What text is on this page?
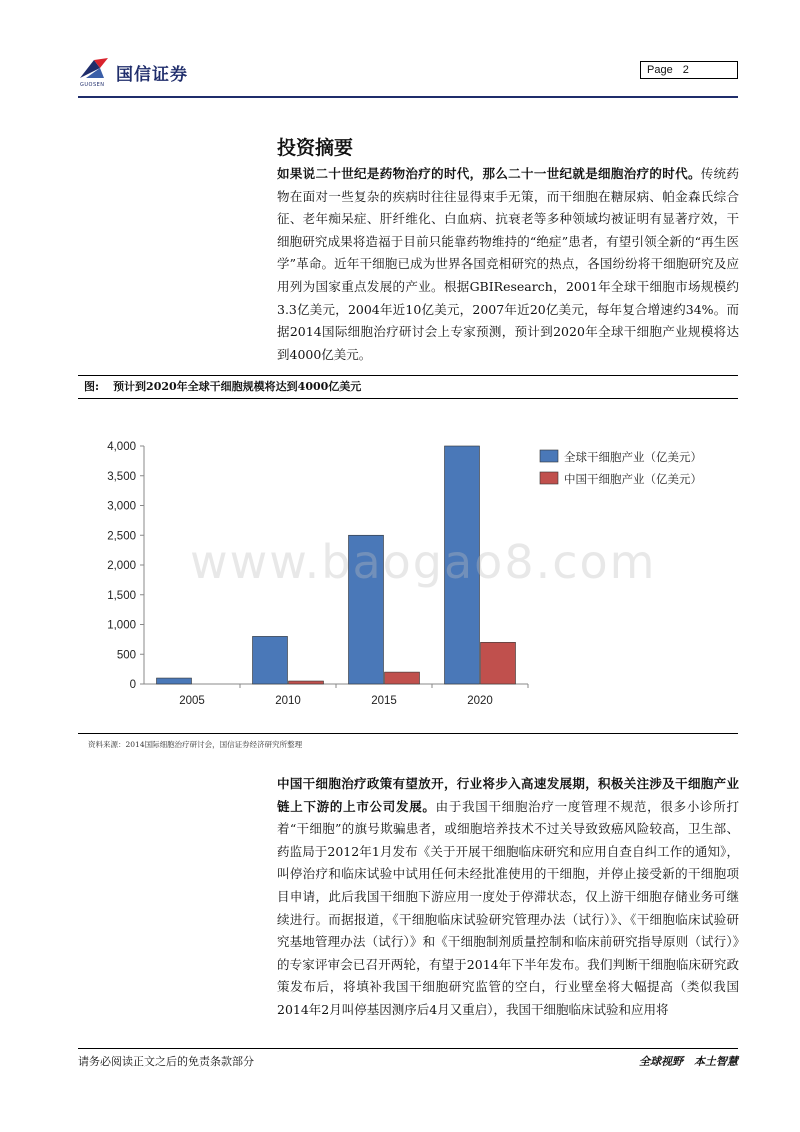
国信证券
GUOSEN
Page 2
投资摘要
如果说二十世纪是药物治疗的时代，那么二十一世纪就是细胞治疗的时代。传统药物在面对一些复杂的疾病时往往显得束手无策，而干细胞在糖尿病、帕金森氏综合征、老年痴呆症、肝纤维化、白血病、抗衰老等多种领域均被证明有显著疗效，干细胞研究成果将造福于目前只能靠药物维持的“绝症”患者，有望引领全新的“再生医学”革命。近年干细胞已成为世界各国竞相研究的热点，各国纷纷将干细胞研究及应用列为国家重点发展的产业。根据GBIResearch，2001年全球干细胞市场规模约3.3亿美元，2004年近10亿美元，2007年近20亿美元，每年复合增速约34%。而据2014国际细胞治疗研讨会上专家预测，预计到2020年全球干细胞产业规模将达到4000亿美元。
图: 预计到2020年全球干细胞规模将达到4000亿美元
0
500
1,000
1,500
2,000
2,500
3,000
3,500
4,000
2005	2010	2015	2020
全球干细胞产业（亿美元）
中国干细胞产业（亿美元）
www.baogao8.com
资料来源：2014国际细胞治疗研讨会，国信证券经济研究所整理
中国干细胞治疗政策有望放开，行业将步入高速发展期，积极关注涉及干细胞产业链上下游的上市公司发展。由于我国干细胞治疗一度管理不规范，很多小诊所打着“干细胞”的旗号欺骗患者，或细胞培养技术不过关导致致癌风险较高，卫生部、药监局于2012年1月发布《关于开展干细胞临床研究和应用自查自纠工作的通知》，叫停治疗和临床试验中试用任何未经批准使用的干细胞，并停止接受新的干细胞项目申请，此后我国干细胞下游应用一度处于停滞状态，仅上游干细胞存储业务可继续进行。而据报道，《干细胞临床试验研究管理办法（试行）》、《干细胞临床试验研究基地管理办法（试行）》和《干细胞制剂质量控制和临床前研究指导原则（试行）》的专家评审会已召开两轮，有望于2014年下半年发布。我们判断干细胞临床研究政策发布后，将填补我国干细胞研究监管的空白，行业壁垒将大幅提高（类似我国2014年2月叫停基因测序后4月又重启），我国干细胞临床试验和应用将
请务必阅读正文之后的免责条款部分	全球视野　本土智慧
